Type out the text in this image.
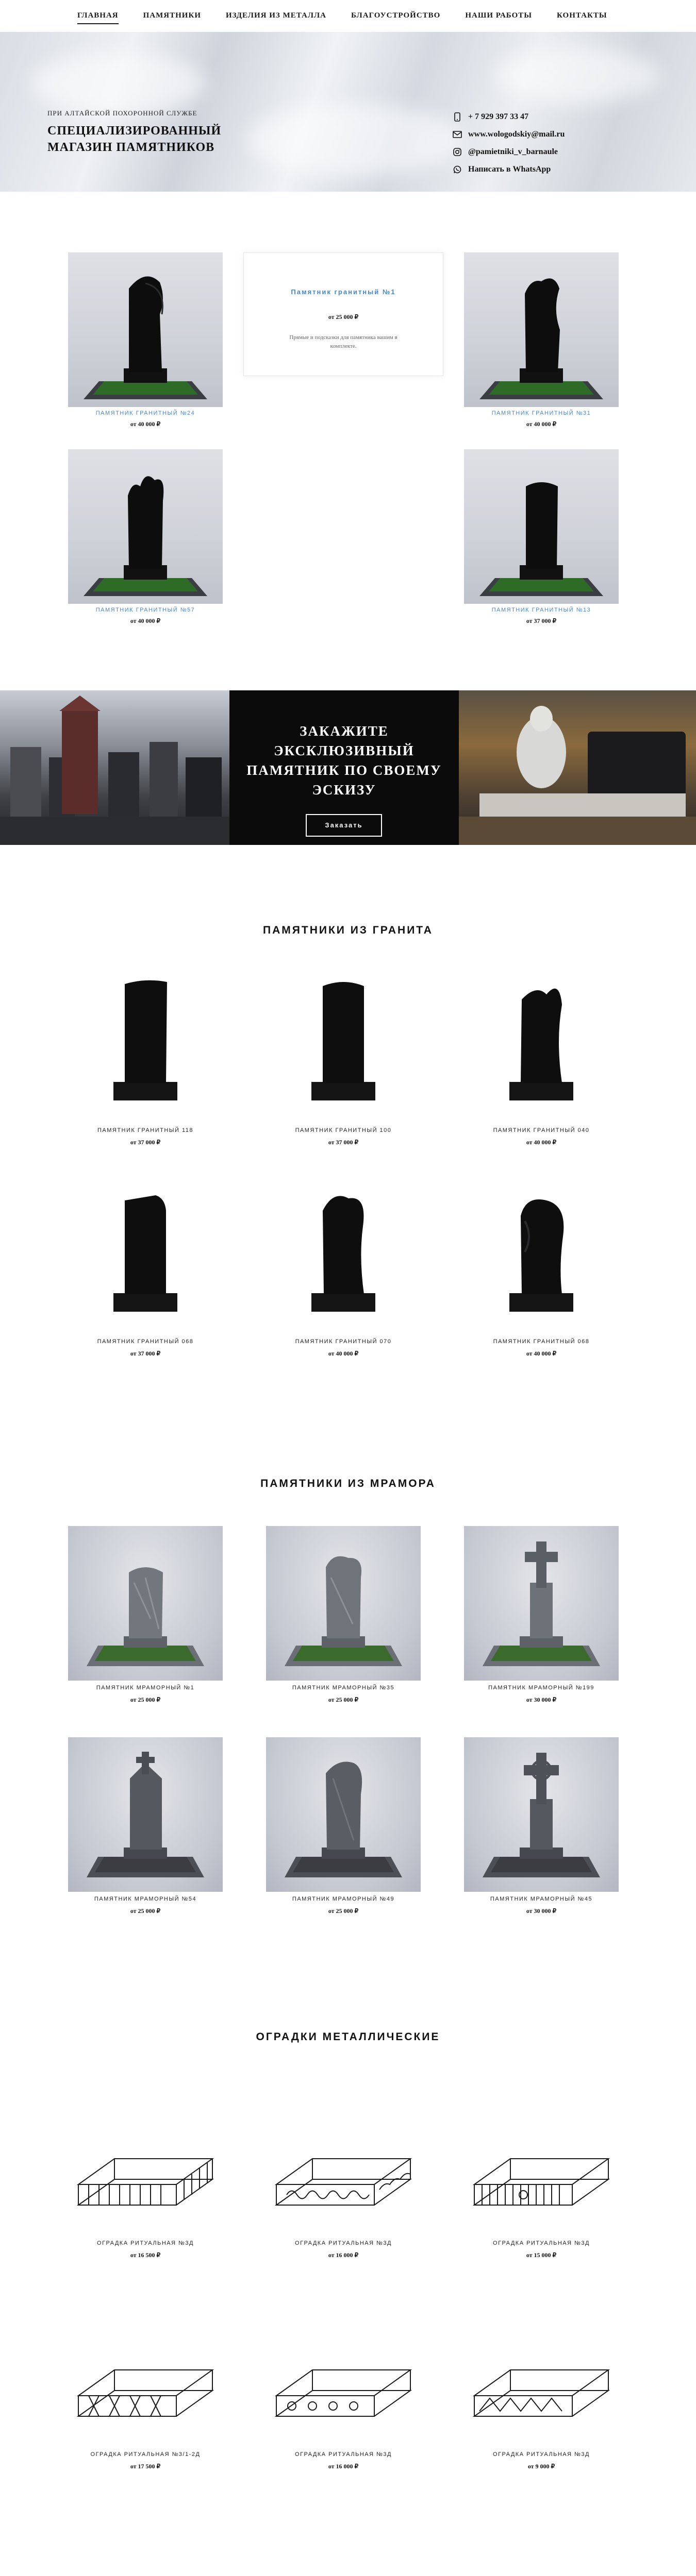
ГЛАВНАЯ	ПАМЯТНИКИ	ИЗДЕЛИЯ ИЗ МЕТАЛЛА	БЛАГОУСТРОЙСТВО	НАШИ РАБОТЫ	КОНТАКТЫ
ПРИ АЛТАЙСКОЙ ПОХОРОННОЙ СЛУЖБЕ
СПЕЦИАЛИЗИРОВАННЫЙ МАГАЗИН ПАМЯТНИКОВ
+ 7 929 397 33 47
www.wologodskiy@mail.ru
@pamietniki_v_barnaule
Написать в WhatsApp
ПАМЯТНИК ГРАНИТНЫЙ №24
от 40 000 ₽
Памятник гранитный №1
от 25 000 ₽
Прямые и подсказки для памятника вашим в комплекте.
ПАМЯТНИК ГРАНИТНЫЙ №31
от 40 000 ₽
ПАМЯТНИК ГРАНИТНЫЙ №57
от 40 000 ₽
ПАМЯТНИК ГРАНИТНЫЙ №13
от 37 000 ₽
ЗАКАЖИТЕ ЭКСКЛЮЗИВНЫЙ ПАМЯТНИК ПО СВОЕМУ ЭСКИЗУ
Заказать
ПАМЯТНИКИ ИЗ ГРАНИТА
ПАМЯТНИК ГРАНИТНЫЙ 118
от 37 000 ₽
ПАМЯТНИК ГРАНИТНЫЙ 100
от 37 000 ₽
ПАМЯТНИК ГРАНИТНЫЙ 040
от 40 000 ₽
ПАМЯТНИК ГРАНИТНЫЙ 068
от 37 000 ₽
ПАМЯТНИК ГРАНИТНЫЙ 070
от 40 000 ₽
ПАМЯТНИК ГРАНИТНЫЙ 068
от 40 000 ₽
ПАМЯТНИКИ ИЗ МРАМОРА
ПАМЯТНИК МРАМОРНЫЙ №1
от 25 000 ₽
ПАМЯТНИК МРАМОРНЫЙ №35
от 25 000 ₽
ПАМЯТНИК МРАМОРНЫЙ №199
от 30 000 ₽
ПАМЯТНИК МРАМОРНЫЙ №54
от 25 000 ₽
ПАМЯТНИК МРАМОРНЫЙ №49
от 25 000 ₽
ПАМЯТНИК МРАМОРНЫЙ №45
от 30 000 ₽
ОГРАДКИ МЕТАЛЛИЧЕСКИЕ
ОГРАДКА РИТУАЛЬНАЯ №3Д
от 16 500 ₽
ОГРАДКА РИТУАЛЬНАЯ №3Д
от 16 000 ₽
ОГРАДКА РИТУАЛЬНАЯ №3Д
от 15 000 ₽
ОГРАДКА РИТУАЛЬНАЯ №3/1-2Д
от 17 500 ₽
ОГРАДКА РИТУАЛЬНАЯ №3Д
от 16 000 ₽
ОГРАДКА РИТУАЛЬНАЯ №3Д
от 9 000 ₽
